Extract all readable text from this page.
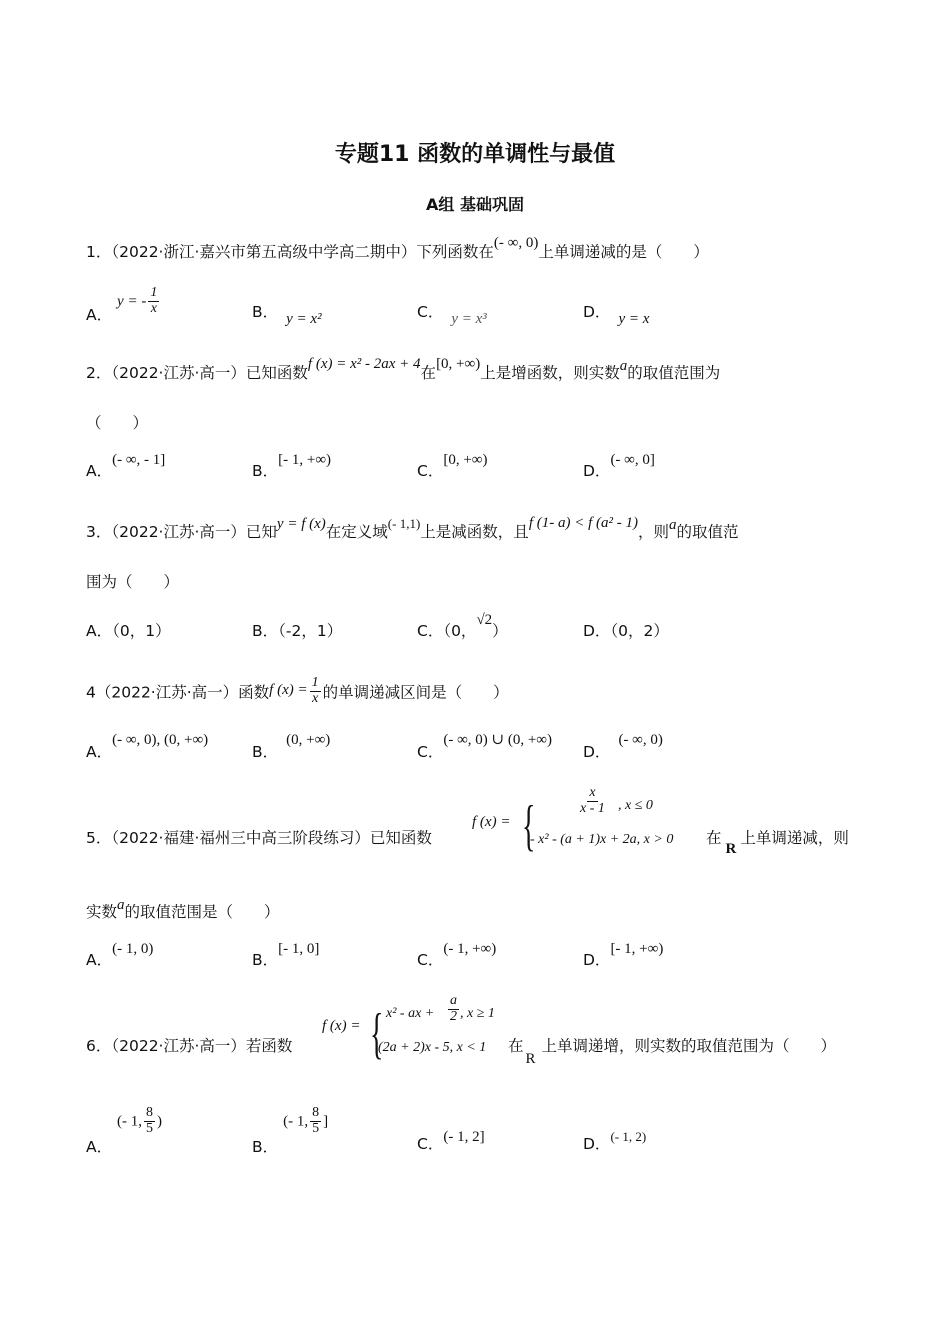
专题11 函数的单调性与最值
A组 基础巩固
1．（2022·浙江·嘉兴市第五高级中学高二期中）下列函数在(- ∞, 0)上单调递减的是（　　）
A． y = - $\frac{1}{x}$	B． y = x²	C． y = x³	D． y = x
2．（2022·江苏·高一）已知函数f (x) = x² - 2ax + 4在[0, +∞)上是增函数，则实数a的取值范围为
（　　）
A．(- ∞, - 1]
B．[- 1, +∞)
C．[0, +∞)
D．(- ∞, 0]
3．（2022·江苏·高一）已知y = f (x)在定义域$^{(- 1,1)}$上是减函数，且f (1- a) < f (a² - 1)，则a的取值范
围为（　　）
A．（0，1）	B．（-2，1）	C．（0，√2）	D．（0，2）
4（2022·江苏·高一）函数f $(x) = \frac{1}{x}$ 的单调递减区间是（　　）
A．(- ∞, 0), (0, +∞)
B．(0, +∞)
C．(- ∞, 0) ∪ (0, +∞)
D．(- ∞, 0)
5．（2022·福建·福州三中高三阶段练习）已知函数
f (x) = {	$\frac{x}{x - 1}$ , x ≤ 0
- x² - (a + 1)x + 2a, x > 0 在R上单调递减，则
实数a的取值范围是（　　）
A．(- 1, 0)
B．[- 1, 0]
C．(- 1, +∞)
D．[- 1, +∞)
6．（2022·江苏·高一）若函数
f (x) = { x² - ax + $\frac{a}{2}$ , x ≥ 1
(2a + 2)x - 5, x < 1 在R上单调递增，则实数的取值范围为（　　）
A． (- 1, $\frac{8}{5}$ )
B． (- 1, $\frac{8}{5}$ ]
C．(- 1, 2]	D．$^{(- 1, 2)}$
